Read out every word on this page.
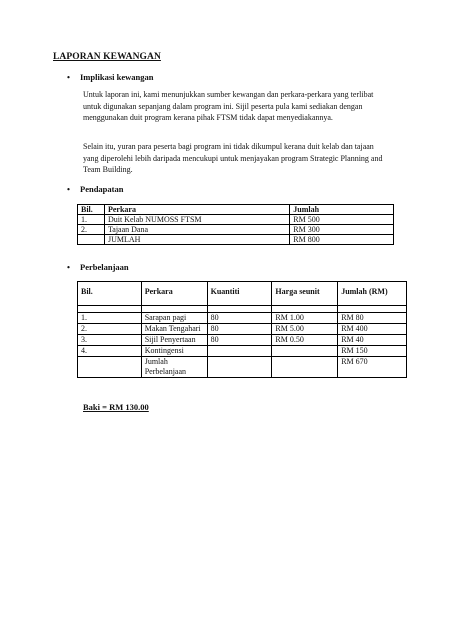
LAPORAN KEWANGAN
• Implikasi kewangan
Untuk laporan ini, kami menunjukkan sumber kewangan dan perkara-perkara yang terlibat untuk digunakan sepanjang dalam program ini. Sijil peserta pula kami sediakan dengan menggunakan duit program kerana pihak FTSM tidak dapat menyediakannya.
Selain itu, yuran para peserta bagi program ini tidak dikumpul kerana duit kelab dan tajaan yang diperolehi lebih daripada mencukupi untuk menjayakan program Strategic Planning and Team Building.
• Pendapatan
Bil.	Perkara	Jumlah
1.	Duit Kelab NUMOSS FTSM	RM 500
2.	Tajaan Dana	RM 300
	JUMLAH	RM 800
• Perbelanjaan
Bil.	Perkara	Kuantiti	Harga seunit	Jumlah (RM)

1.	Sarapan pagi	80	RM 1.00	RM 80
2.	Makan Tengahari	80	RM 5.00	RM 400
3.	Sijil Penyertaan	80	RM 0.50	RM 40
4.	Kontingensi			RM 150
	Jumlah Perbelanjaan			RM 670
Baki = RM 130.00
